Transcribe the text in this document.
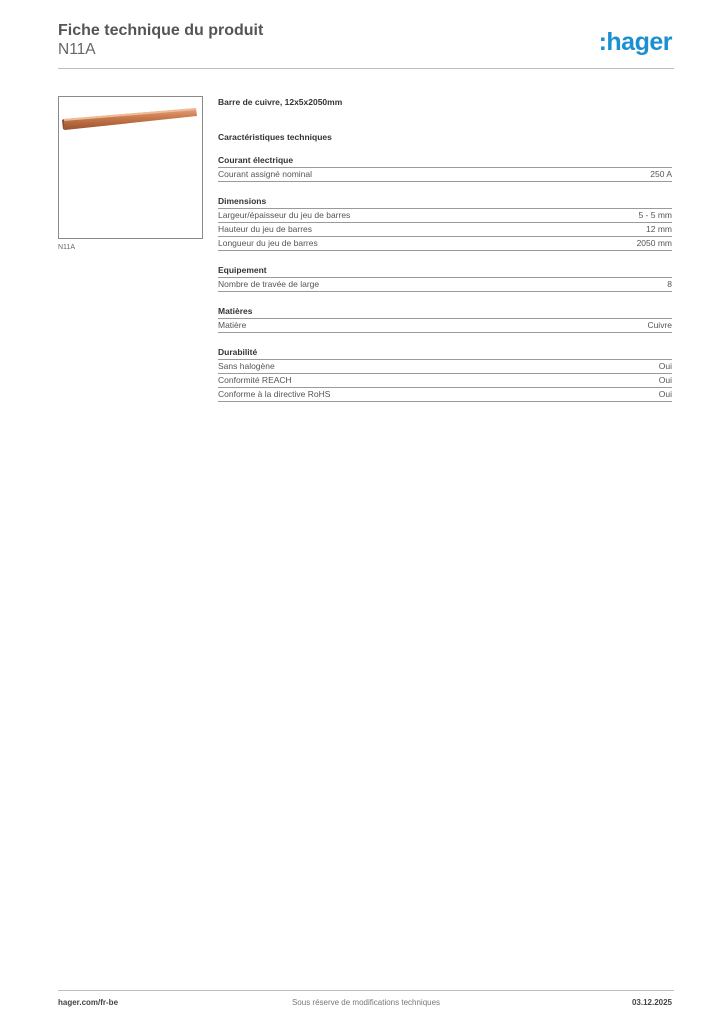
Fiche technique du produit
N11A	:hager
N11A
Barre de cuivre, 12x5x2050mm
Caractéristiques techniques
Courant électrique
Courant assigné nominal	250 A
Dimensions
Largeur/épaisseur du jeu de barres	5 - 5 mm
Hauteur du jeu de barres	12 mm
Longueur du jeu de barres	2050 mm
Equipement
Nombre de travée de large	8
Matières
Matière	Cuivre
Durabilité
Sans halogène	Oui
Conformité REACH	Oui
Conforme à la directive RoHS	Oui
hager.com/fr-be	Sous réserve de modifications techniques	03.12.2025
